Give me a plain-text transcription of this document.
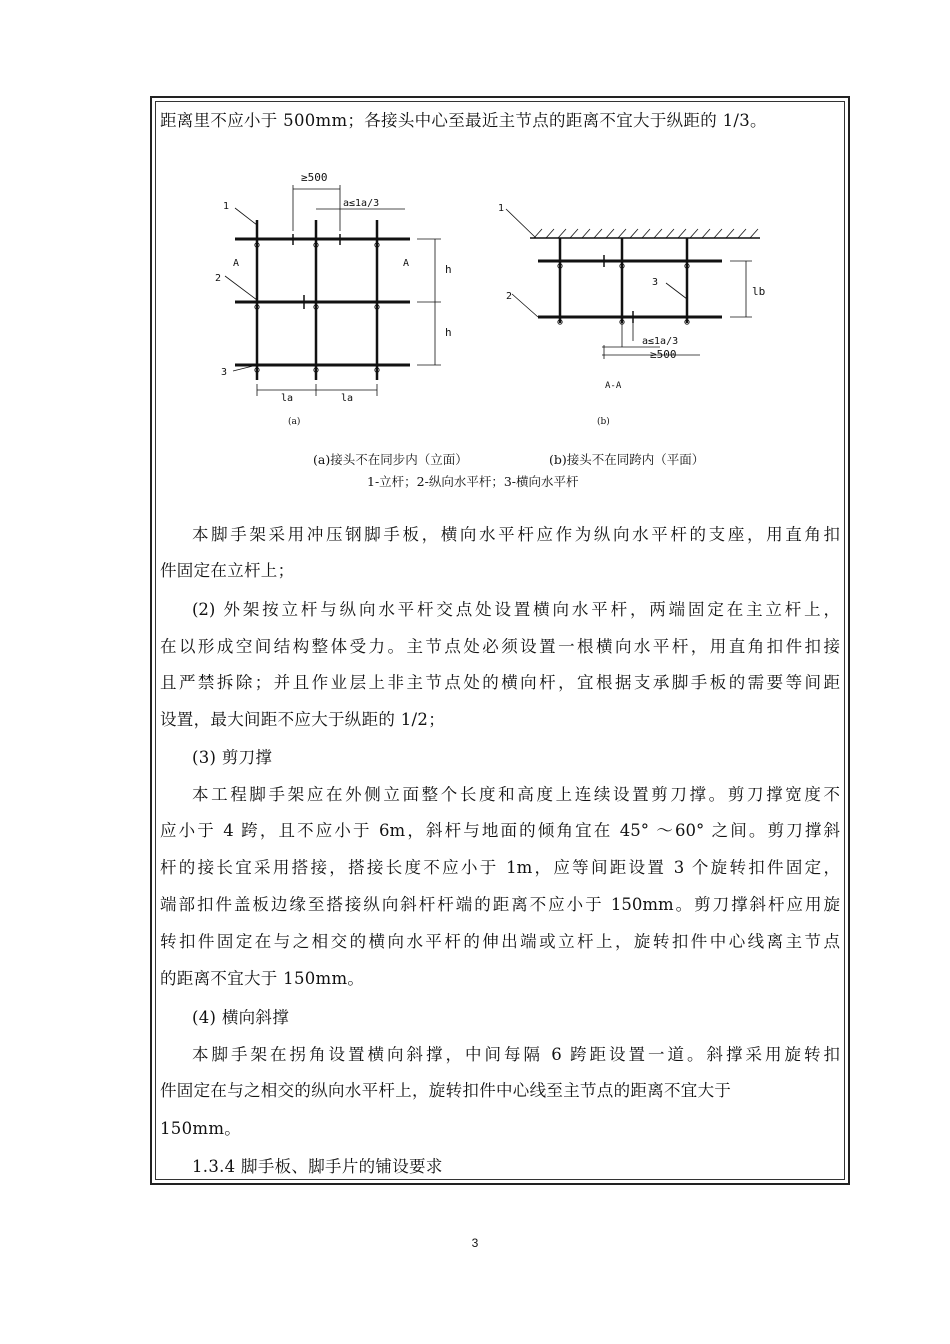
距离里不应小于 500mm；各接头中心至最近主节点的距离不宜大于纵距的 1/3。
1
2
3
≥500
a≤1a/3
A	A	h
h
la	la
(a)
1
2
3
lb
a≤1a/3
≥500
A-A
(b)
(a)接头不在同步内（立面）	(b)接头不在同跨内（平面）
1-立杆；2-纵向水平杆；3-横向水平杆
本脚手架采用冲压钢脚手板，横向水平杆应作为纵向水平杆的支座，用直角扣
件固定在立杆上；
(2) 外架按立杆与纵向水平杆交点处设置横向水平杆，两端固定在主立杆上，
在以形成空间结构整体受力。主节点处必须设置一根横向水平杆，用直角扣件扣接
且严禁拆除；并且作业层上非主节点处的横向杆，宜根据支承脚手板的需要等间距
设置，最大间距不应大于纵距的 1/2；
(3) 剪刀撑
本工程脚手架应在外侧立面整个长度和高度上连续设置剪刀撑。剪刀撑宽度不
应小于 4 跨，且不应小于 6m，斜杆与地面的倾角宜在 45° ～60° 之间。剪刀撑斜
杆的接长宜采用搭接，搭接长度不应小于 1m，应等间距设置 3 个旋转扣件固定，
端部扣件盖板边缘至搭接纵向斜杆杆端的距离不应小于 150mm。剪刀撑斜杆应用旋
转扣件固定在与之相交的横向水平杆的伸出端或立杆上，旋转扣件中心线离主节点
的距离不宜大于 150mm。
(4) 横向斜撑
本脚手架在拐角设置横向斜撑，中间每隔 6 跨距设置一道。斜撑采用旋转扣
件固定在与之相交的纵向水平杆上，旋转扣件中心线至主节点的距离不宜大于
150mm。
1.3.4 脚手板、脚手片的铺设要求
3
